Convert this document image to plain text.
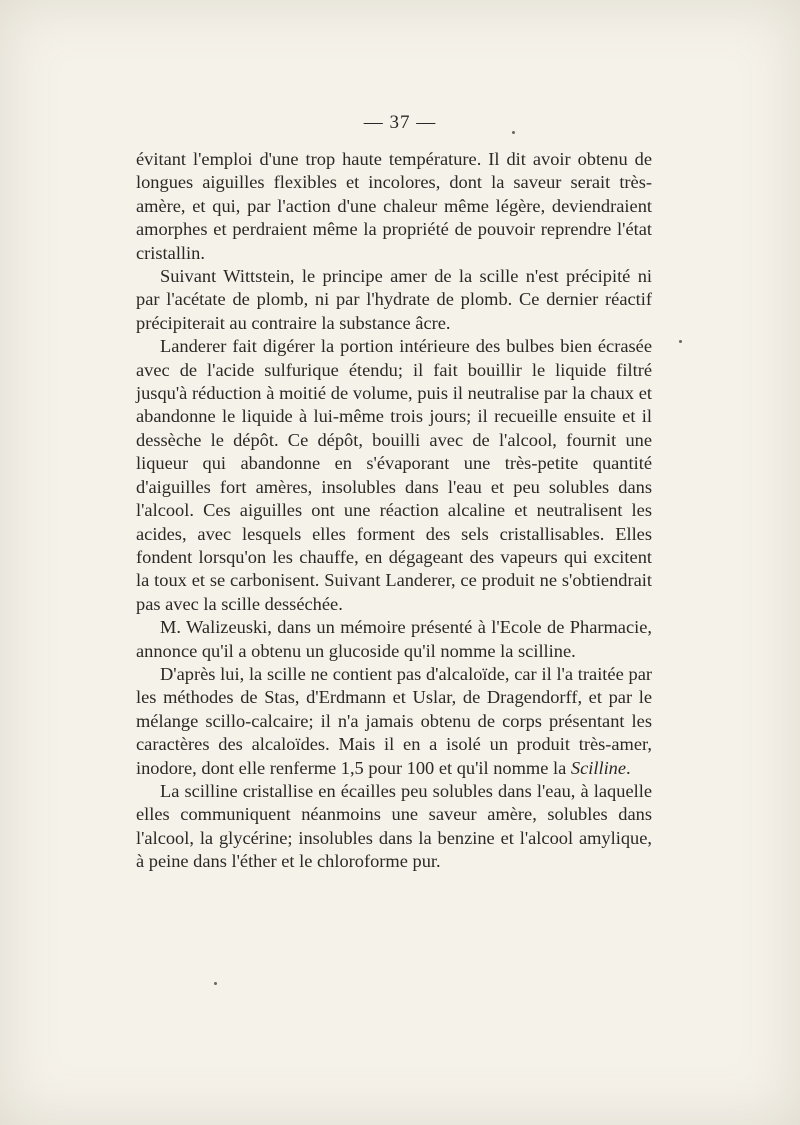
— 37 —

évitant l'emploi d'une trop haute température. Il dit avoir obtenu de longues aiguilles flexibles et incolores, dont la saveur serait très-amère, et qui, par l'action d'une chaleur même légère, deviendraient amorphes et perdraient même la propriété de pouvoir reprendre l'état cristallin.

Suivant Wittstein, le principe amer de la scille n'est précipité ni par l'acétate de plomb, ni par l'hydrate de plomb. Ce dernier réactif précipiterait au contraire la substance âcre.

Landerer fait digérer la portion intérieure des bulbes bien écrasée avec de l'acide sulfurique étendu; il fait bouillir le liquide filtré jusqu'à réduction à moitié de volume, puis il neutralise par la chaux et abandonne le liquide à lui-même trois jours; il recueille ensuite et il dessèche le dépôt. Ce dépôt, bouilli avec de l'alcool, fournit une liqueur qui abandonne en s'évaporant une très-petite quantité d'aiguilles fort amères, insolubles dans l'eau et peu solubles dans l'alcool. Ces aiguilles ont une réaction alcaline et neutralisent les acides, avec lesquels elles forment des sels cristallisables. Elles fondent lorsqu'on les chauffe, en dégageant des vapeurs qui excitent la toux et se carbonisent. Suivant Landerer, ce produit ne s'obtiendrait pas avec la scille desséchée.

M. Walizeuski, dans un mémoire présenté à l'Ecole de Pharmacie, annonce qu'il a obtenu un glucoside qu'il nomme la scilline.

D'après lui, la scille ne contient pas d'alcaloïde, car il l'a traitée par les méthodes de Stas, d'Erdmann et Uslar, de Dragendorff, et par le mélange scillo-calcaire; il n'a jamais obtenu de corps présentant les caractères des alcaloïdes. Mais il en a isolé un produit très-amer, inodore, dont elle renferme 1,5 pour 100 et qu'il nomme la Scilline.

La scilline cristallise en écailles peu solubles dans l'eau, à laquelle elles communiquent néanmoins une saveur amère, solubles dans l'alcool, la glycérine; insolubles dans la benzine et l'alcool amylique, à peine dans l'éther et le chloroforme pur.
